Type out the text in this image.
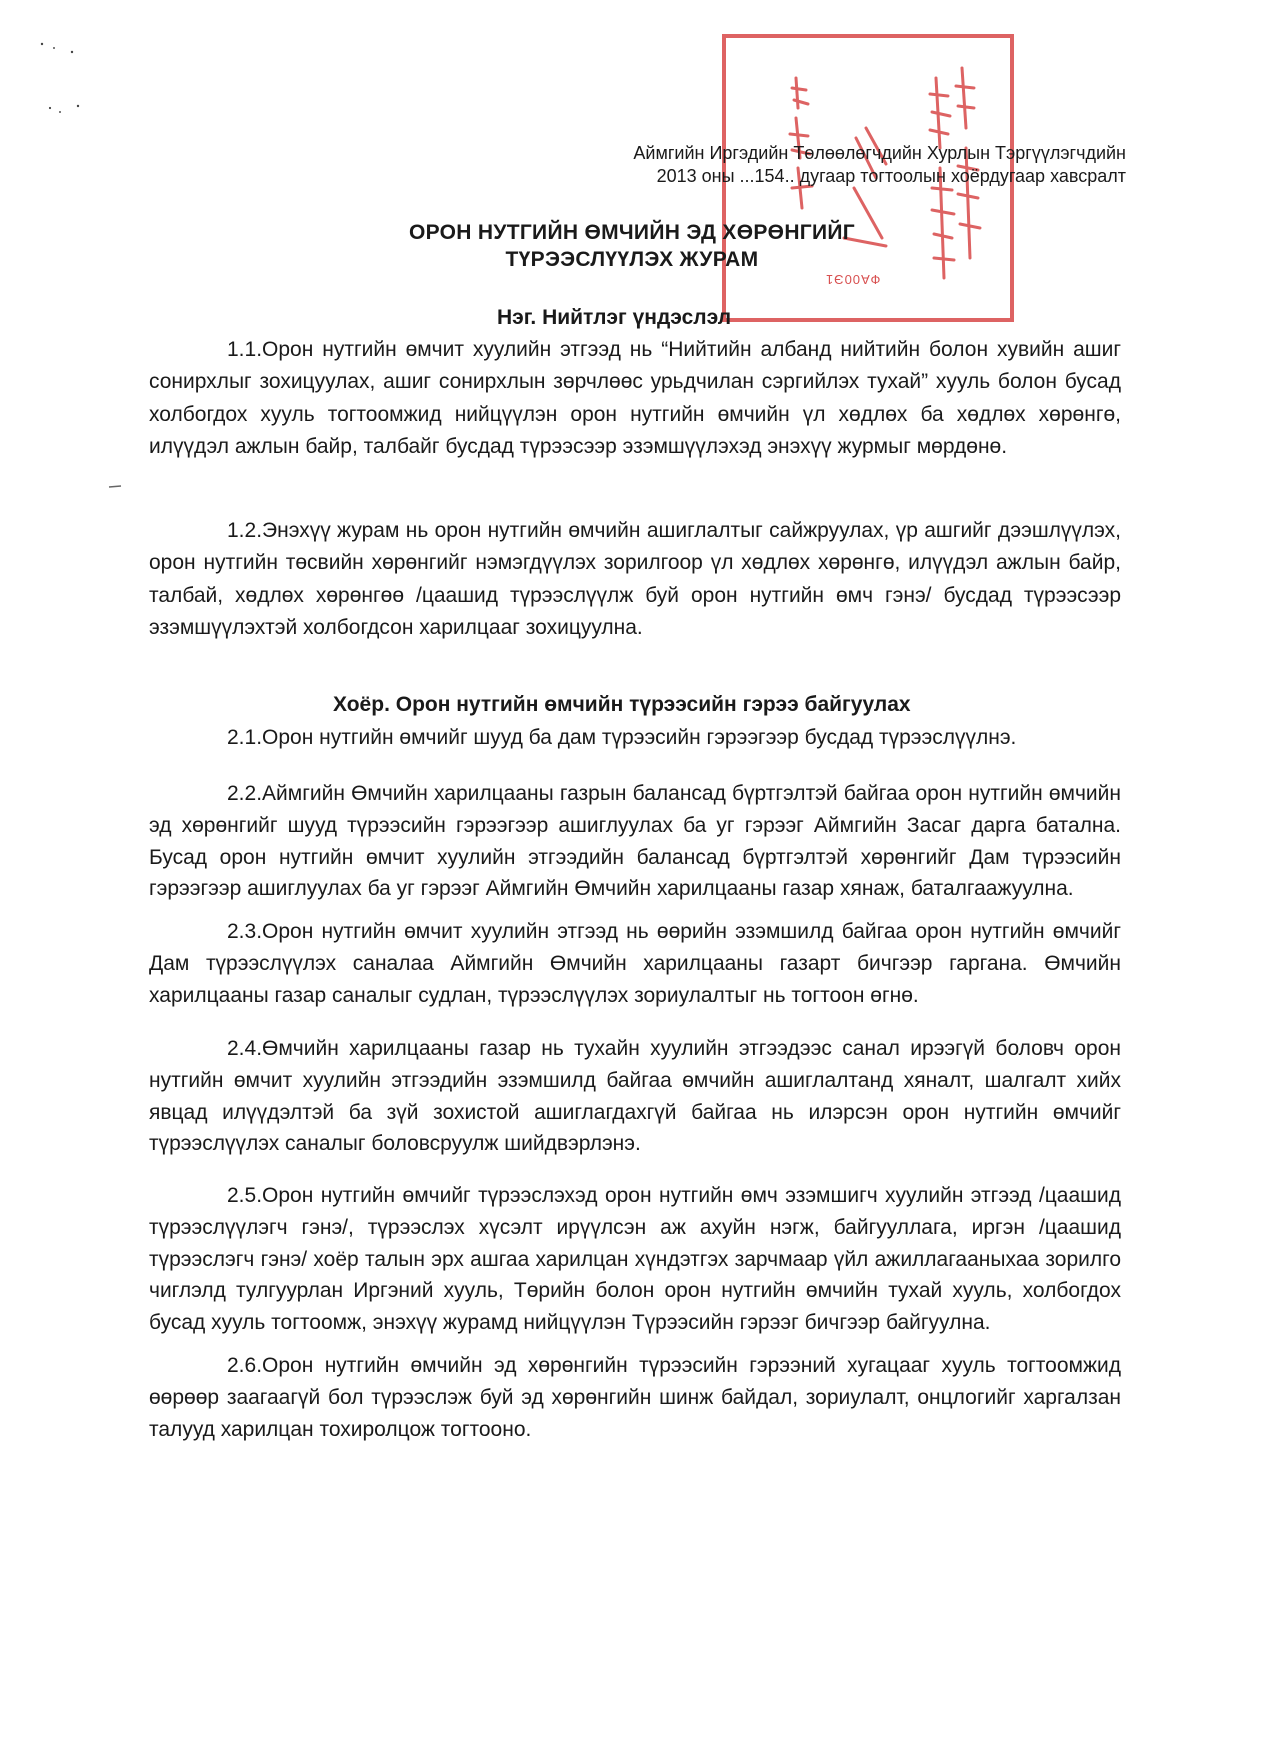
ФА00Э1
Аймгийн Иргэдийн Төлөөлөгчдийн Хурлын Тэргүүлэгчдийн
2013 оны ...154.. дугаар тогтоолын хоёрдугаар хавсралт
ОРОН НУТГИЙН ӨМЧИЙН ЭД ХӨРӨНГИЙГ
ТҮРЭЭСЛҮҮЛЭХ ЖУРАМ
Нэг. Нийтлэг үндэслэл
1.1.Орон нутгийн өмчит хуулийн этгээд нь “Нийтийн албанд нийтийн болон хувийн ашиг сонирхлыг зохицуулах, ашиг сонирхлын зөрчлөөс урьдчилан сэргийлэх тухай” хууль болон бусад холбогдох хууль тогтоомжид нийцүүлэн орон нутгийн өмчийн үл хөдлөх ба хөдлөх хөрөнгө, илүүдэл ажлын байр, талбайг бусдад түрээсээр эзэмшүүлэхэд энэхүү журмыг мөрдөнө.
1.2.Энэхүү журам нь орон нутгийн өмчийн ашиглалтыг сайжруулах, үр ашгийг дээшлүүлэх, орон нутгийн төсвийн хөрөнгийг нэмэгдүүлэх зорилгоор үл хөдлөх хөрөнгө, илүүдэл ажлын байр, талбай, хөдлөх хөрөнгөө /цаашид түрээслүүлж буй орон нутгийн өмч гэнэ/ бусдад түрээсээр эзэмшүүлэхтэй холбогдсон харилцааг зохицуулна.
Хоёр. Орон нутгийн өмчийн түрээсийн гэрээ байгуулах
2.1.Орон нутгийн өмчийг шууд ба дам түрээсийн гэрээгээр бусдад түрээслүүлнэ.
2.2.Аймгийн Өмчийн харилцааны газрын балансад бүртгэлтэй байгаа орон нутгийн өмчийн эд хөрөнгийг шууд түрээсийн гэрээгээр ашиглуулах ба уг гэрээг Аймгийн Засаг дарга батална. Бусад орон нутгийн өмчит хуулийн этгээдийн балансад бүртгэлтэй хөрөнгийг Дам түрээсийн гэрээгээр ашиглуулах ба уг гэрээг Аймгийн Өмчийн харилцааны газар хянаж, баталгаажуулна.
2.3.Орон нутгийн өмчит хуулийн этгээд нь өөрийн эзэмшилд байгаа орон нутгийн өмчийг Дам түрээслүүлэх саналаа Аймгийн Өмчийн харилцааны газарт бичгээр гаргана. Өмчийн харилцааны газар саналыг судлан, түрээслүүлэх зориулалтыг нь тогтоон өгнө.
2.4.Өмчийн харилцааны газар нь тухайн хуулийн этгээдээс санал ирээгүй боловч орон нутгийн өмчит хуулийн этгээдийн эзэмшилд байгаа өмчийн ашиглалтанд хяналт, шалгалт хийх явцад илүүдэлтэй ба зүй зохистой ашиглагдахгүй байгаа нь илэрсэн орон нутгийн өмчийг түрээслүүлэх саналыг боловсруулж шийдвэрлэнэ.
2.5.Орон нутгийн өмчийг түрээслэхэд орон нутгийн өмч эзэмшигч хуулийн этгээд /цаашид түрээслүүлэгч гэнэ/, түрээслэх хүсэлт ирүүлсэн аж ахуйн нэгж, байгууллага, иргэн /цаашид түрээслэгч гэнэ/ хоёр талын эрх ашгаа харилцан хүндэтгэх зарчмаар үйл ажиллагааныхаа зорилго чиглэлд тулгуурлан Иргэний хууль, Төрийн болон орон нутгийн өмчийн тухай хууль, холбогдох бусад хууль тогтоомж, энэхүү журамд нийцүүлэн Түрээсийн гэрээг бичгээр байгуулна.
2.6.Орон нутгийн өмчийн эд хөрөнгийн түрээсийн гэрээний хугацааг хууль тогтоомжид өөрөөр заагаагүй бол түрээслэж буй эд хөрөнгийн шинж байдал, зориулалт, онцлогийг харгалзан талууд харилцан тохиролцож тогтооно.
